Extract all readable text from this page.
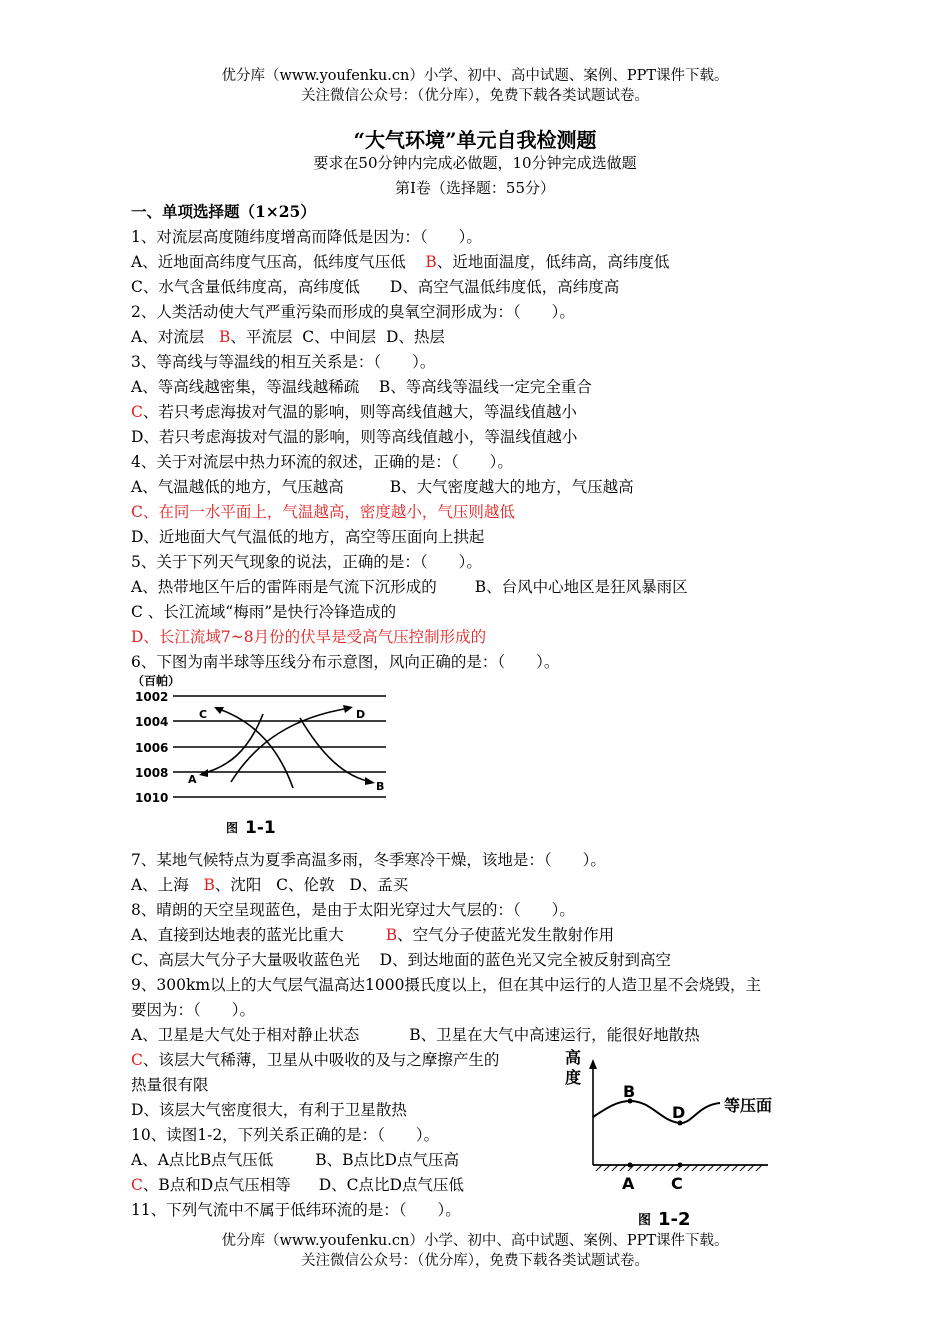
优分库（www.youfenku.cn）小学、初中、高中试题、案例、PPT课件下载。
关注微信公众号：（优分库），免费下载各类试题试卷。
“大气环境”单元自我检测题
要求在50分钟内完成必做题，10分钟完成选做题
第Ⅰ卷（选择题：55分）
一、单项选择题（1×25）
1、对流层高度随纬度增高而降低是因为：（　　）。
A、近地面高纬度气压高，低纬度气压低 B、近地面温度，低纬高，高纬度低
C、水气含量低纬度高，高纬度低 D、高空气温低纬度低，高纬度高
2、人类活动使大气严重污染而形成的臭氧空洞形成为：（　　）。
A、对流层 B、平流层 C、中间层 D、热层
3、等高线与等温线的相互关系是：（　　）。
A、等高线越密集，等温线越稀疏 B、等高线等温线一定完全重合
C、若只考虑海拔对气温的影响，则等高线值越大，等温线值越小
D、若只考虑海拔对气温的影响，则等高线值越小，等温线值越小
4、关于对流层中热力环流的叙述，正确的是：（　　）。
A、气温越低的地方，气压越高	B、大气密度越大的地方，气压越高
C、在同一水平面上，气温越高，密度越小，气压则越低
D、近地面大气气温低的地方，高空等压面向上拱起
5、关于下列天气现象的说法，正确的是：（　　）。
A、热带地区午后的雷阵雨是气流下沉形成的 B、台风中心地区是狂风暴雨区
C 、长江流域“梅雨”是快行冷锋造成的
D、长江流域7~8月份的伏旱是受高气压控制形成的
6、下图为南半球等压线分布示意图，风向正确的是：（　　）。
（百帕）
1002
1004
1006
1008
1010
C	D
A
B
图 1-1
7、某地气候特点为夏季高温多雨，冬季寒冷干燥，该地是：（　　）。
A、上海 B、沈阳 C、伦敦 D、孟买
8、晴朗的天空呈现蓝色，是由于太阳光穿过大气层的：（　　）。
A、直接到达地表的蓝光比重大	B、空气分子使蓝光发生散射作用
C、高层大气分子大量吸收蓝色光 D、到达地面的蓝色光又完全被反射到高空
9、300km以上的大气层气温高达1000摄氏度以上，但在其中运行的人造卫星不会烧毁，主
要因为：（　　）。
A、卫星是大气处于相对静止状态	B、卫星在大气中高速运行，能很好地散热
C、该层大气稀薄，卫星从中吸收的及与之摩擦产生的
热量很有限
D、该层大气密度很大，有利于卫星散热
10、读图1-2，下列关系正确的是：（　　）。
A、A点比B点气压低	B、B点比D点气压高
C、B点和D点气压相等 D、C点比D点气压低
11、下列气流中不属于低纬环流的是：（　　）。
高
度
B
D
A C
等压面
图 1-2
优分库（www.youfenku.cn）小学、初中、高中试题、案例、PPT课件下载。
关注微信公众号：（优分库），免费下载各类试题试卷。
